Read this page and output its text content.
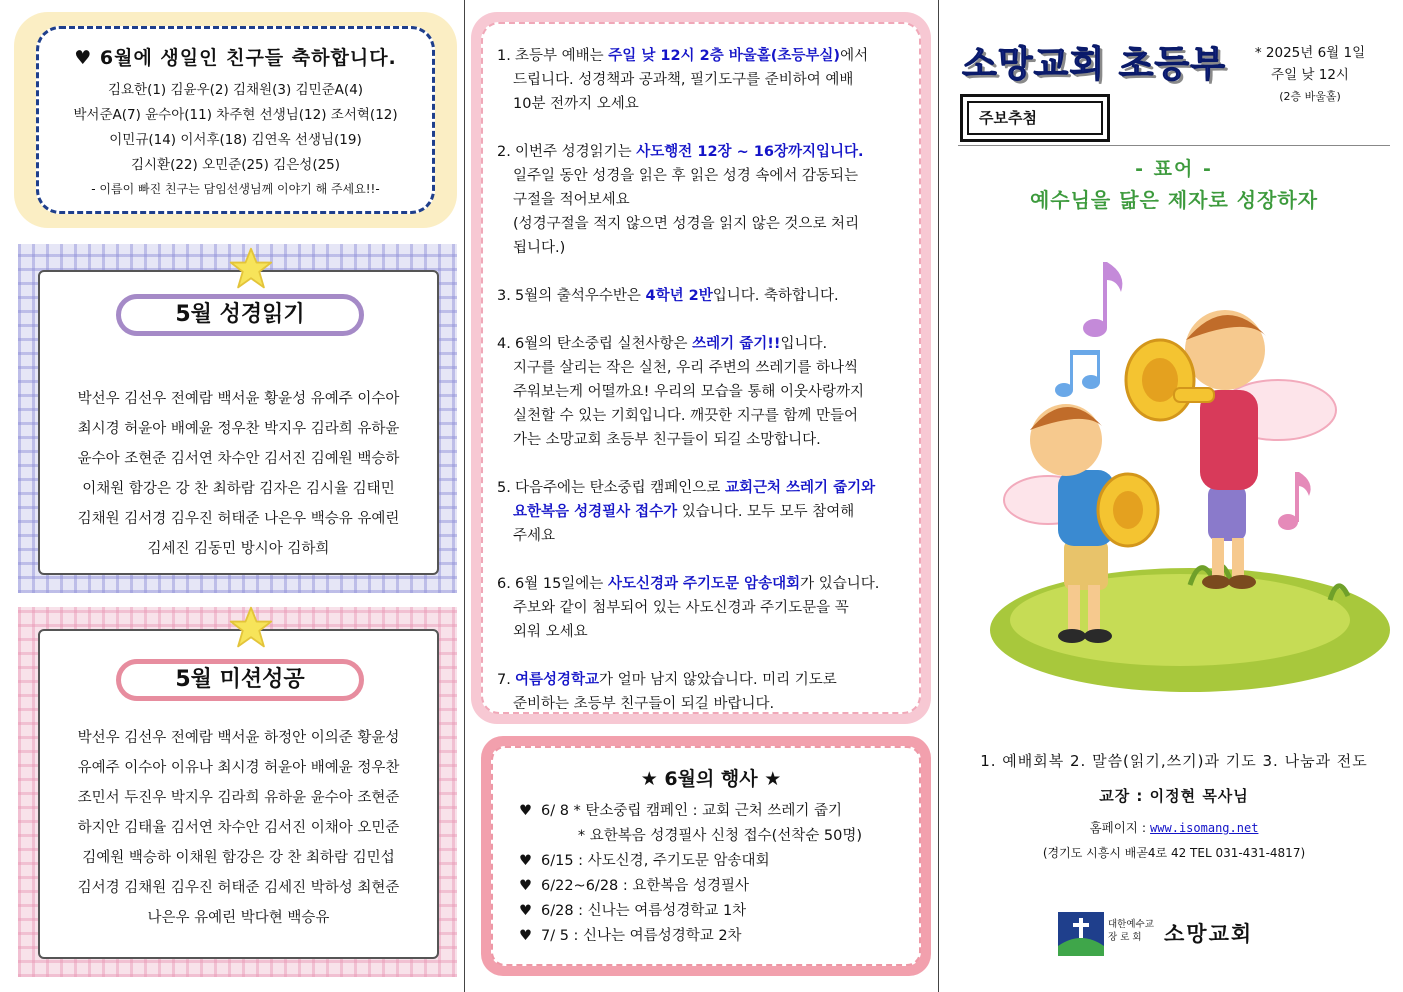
♥ 6월에 생일인 친구들 축하합니다.
김요한(1) 김윤우(2) 김채원(3) 김민준A(4)
박서준A(7) 윤수아(11) 차주현 선생님(12) 조서혁(12)
이민규(14) 이서후(18) 김연옥 선생님(19)
김시환(22) 오민준(25) 김은성(25)
- 이름이 빠진 친구는 담임선생님께 이야기 해 주세요!!-
5월 성경읽기
박선우 김선우 전예람 백서윤 황윤성 유예주 이수아
최시경 허윤아 배예윤 정우찬 박지우 김라희 유하윤
윤수아 조현준 김서연 차수안 김서진 김예원 백승하
이채원 함강은 강 찬 최하람 김자은 김시율 김태민
김채원 김서경 김우진 허태준 나은우 백승유 유예린
김세진 김동민 방시아 김하희
5월 미션성공
박선우 김선우 전예람 백서윤 하정안 이의준 황윤성
유예주 이수아 이유나 최시경 허윤아 배예윤 정우찬
조민서 두진우 박지우 김라희 유하윤 윤수아 조현준
하지안 김태율 김서연 차수안 김서진 이채아 오민준
김예원 백승하 이채원 함강은 강 찬 최하람 김민섭
김서경 김채원 김우진 허태준 김세진 박하성 최현준
나은우 유예린 박다현 백승유
1. 초등부 예배는 주일 낮 12시 2층 바울홀(초등부실)에서
드립니다. 성경책과 공과책, 필기도구를 준비하여 예배
10분 전까지 오세요
2. 이번주 성경읽기는 사도행전 12장 ~ 16장까지입니다.
일주일 동안 성경을 읽은 후 읽은 성경 속에서 감동되는
구절을 적어보세요
(성경구절을 적지 않으면 성경을 읽지 않은 것으로 처리
됩니다.)
3. 5월의 출석우수반은 4학년 2반입니다. 축하합니다.
4. 6월의 탄소중립 실천사항은 쓰레기 줍기!!입니다.
지구를 살리는 작은 실천, 우리 주변의 쓰레기를 하나씩
주워보는게 어떨까요! 우리의 모습을 통해 이웃사랑까지
실천할 수 있는 기회입니다. 깨끗한 지구를 함께 만들어
가는 소망교회 초등부 친구들이 되길 소망합니다.
5. 다음주에는 탄소중립 캠페인으로 교회근처 쓰레기 줍기와
요한복음 성경필사 접수가 있습니다. 모두 모두 참여해
주세요
6. 6월 15일에는 사도신경과 주기도문 암송대회가 있습니다.
주보와 같이 첨부되어 있는 사도신경과 주기도문을 꼭
외워 오세요
7. 여름성경학교가 얼마 남지 않았습니다. 미리 기도로
준비하는 초등부 친구들이 되길 바랍니다.
★ 6월의 행사 ★
♥ 6/ 8 * 탄소중립 캠페인 : 교회 근처 쓰레기 줍기
* 요한복음 성경필사 신청 접수(선착순 50명)
♥ 6/15 : 사도신경, 주기도문 암송대회
♥ 6/22~6/28 : 요한복음 성경필사
♥ 6/28 : 신나는 여름성경학교 1차
♥ 7/ 5 : 신나는 여름성경학교 2차
소망교회 초등부	* 2025년 6월 1일
주일 낮 12시
(2층 바울홀)
주보추첨
- 표어 -
예수님을 닮은 제자로 성장하자
1. 예배회복 2. 말씀(읽기,쓰기)과 기도 3. 나눔과 전도
교장 : 이정현 목사님
홈페이지 : www.isomang.net
(경기도 시흥시 배곧4로 42 TEL 031-431-4817)
대한예수교
장 로 회	소망교회
